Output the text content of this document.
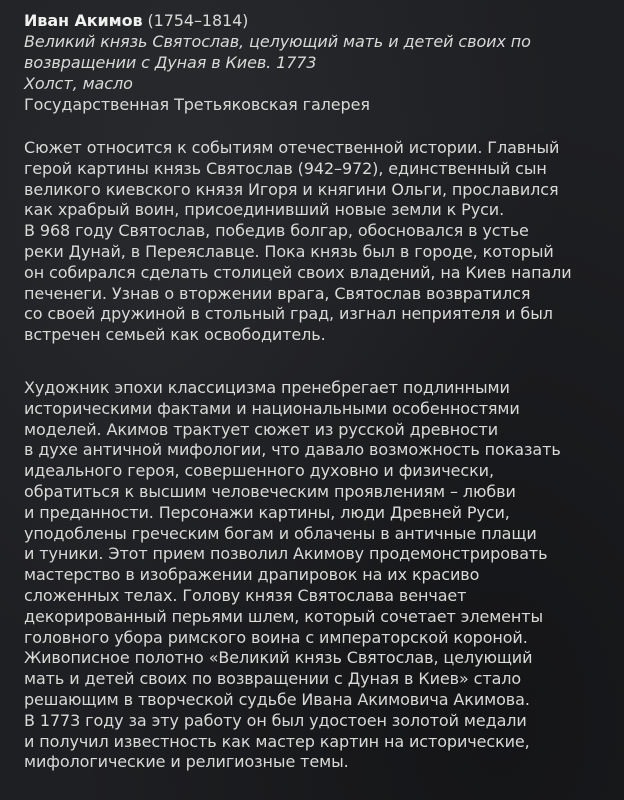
Иван Акимов (1754–1814)

Великий князь Святослав, целующий мать и детей своих по

возвращении с Дуная в Киев. 1773

Холст, масло

Государственная Третьяковская галерея

Сюжет относится к событиям отечественной истории. Главный
герой картины князь Святослав (942–972), единственный сын
великого киевского князя Игоря и княгини Ольги, прославился
как храбрый воин, присоединивший новые земли к Руси.
В 968 году Святослав, победив болгар, обосновался в устье
реки Дунай, в Переяславце. Пока князь был в городе, который
он собирался сделать столицей своих владений, на Киев напали
печенеги. Узнав о вторжении врага, Святослав возвратился
со своей дружиной в стольный град, изгнал неприятеля и был
встречен семьей как освободитель.
Художник эпохи классицизма пренебрегает подлинными
историческими фактами и национальными особенностями
моделей. Акимов трактует сюжет из русской древности
в духе античной мифологии, что давало возможность показать
идеального героя, совершенного духовно и физически,
обратиться к высшим человеческим проявлениям – любви
и преданности. Персонажи картины, люди Древней Руси,
уподоблены греческим богам и облачены в античные плащи
и туники. Этот прием позволил Акимову продемонстрировать
мастерство в изображении драпировок на их красиво
сложенных телах. Голову князя Святослава венчает
декорированный перьями шлем, который сочетает элементы
головного убора римского воина с императорской короной.
Живописное полотно «Великий князь Святослав, целующий
мать и детей своих по возвращении с Дуная в Киев» стало
решающим в творческой судьбе Ивана Акимовича Акимова.
В 1773 году за эту работу он был удостоен золотой медали
и получил известность как мастер картин на исторические,
мифологические и религиозные темы.
